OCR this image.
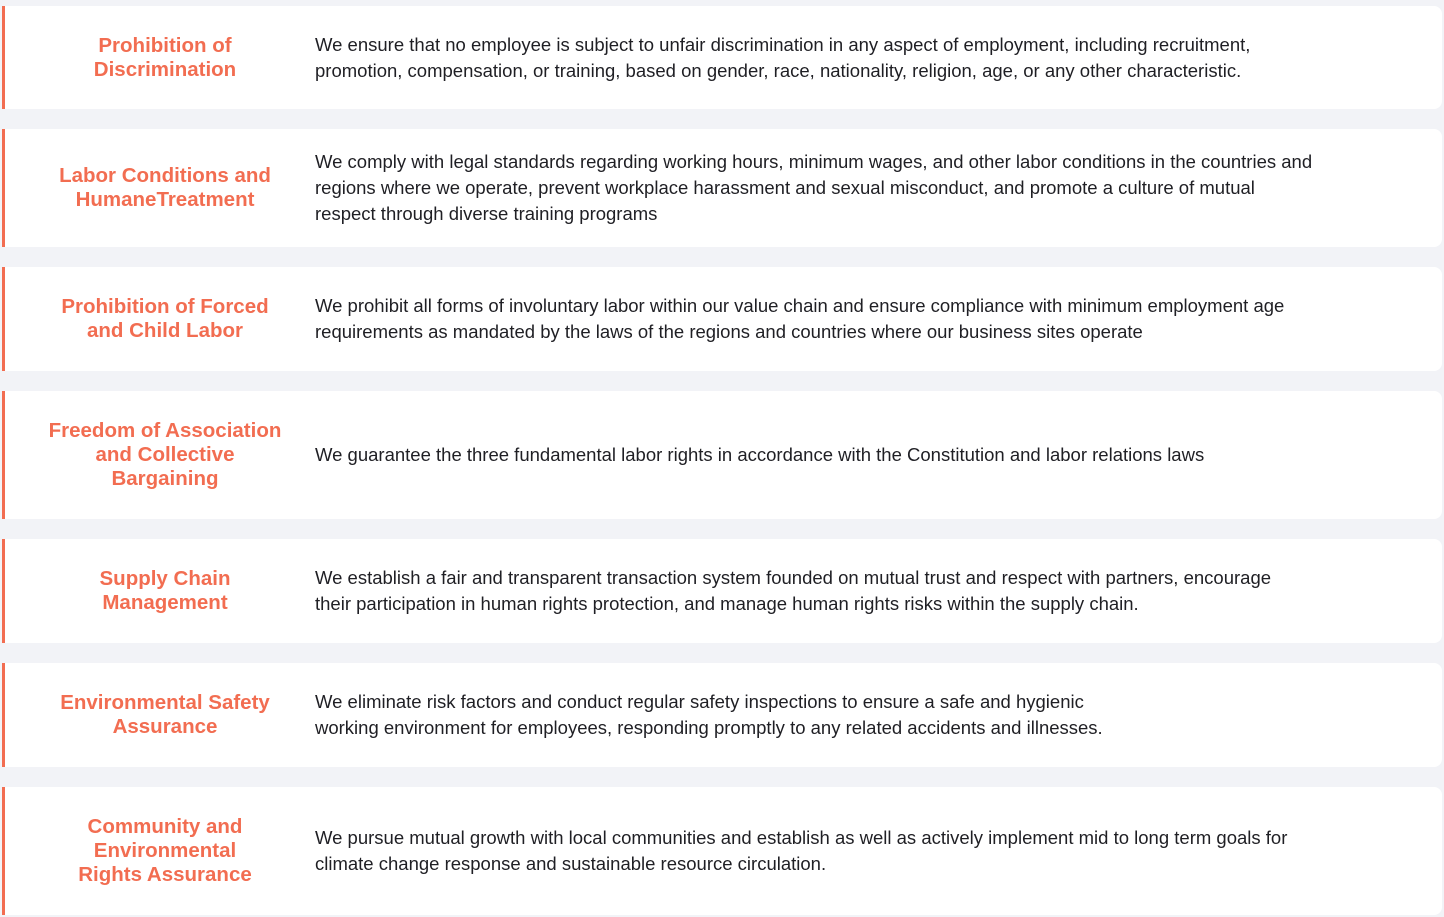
Prohibition of
Discrimination
We ensure that no employee is subject to unfair discrimination in any aspect of employment, including recruitment,
promotion, compensation, or training, based on gender, race, nationality, religion, age, or any other characteristic.
Labor Conditions and
HumaneTreatment
We comply with legal standards regarding working hours, minimum wages, and other labor conditions in the countries and
regions where we operate, prevent workplace harassment and sexual misconduct, and promote a culture of mutual
respect through diverse training programs
Prohibition of Forced
and Child Labor
We prohibit all forms of involuntary labor within our value chain and ensure compliance with minimum employment age
requirements as mandated by the laws of the regions and countries where our business sites operate
Freedom of Association
and Collective
Bargaining
We guarantee the three fundamental labor rights in accordance with the Constitution and labor relations laws
Supply Chain
Management
We establish a fair and transparent transaction system founded on mutual trust and respect with partners, encourage
their participation in human rights protection, and manage human rights risks within the supply chain.
Environmental Safety
Assurance
We eliminate risk factors and conduct regular safety inspections to ensure a safe and hygienic
working environment for employees, responding promptly to any related accidents and illnesses.
Community and
Environmental
Rights Assurance
We pursue mutual growth with local communities and establish as well as actively implement mid to long term goals for
climate change response and sustainable resource circulation.
